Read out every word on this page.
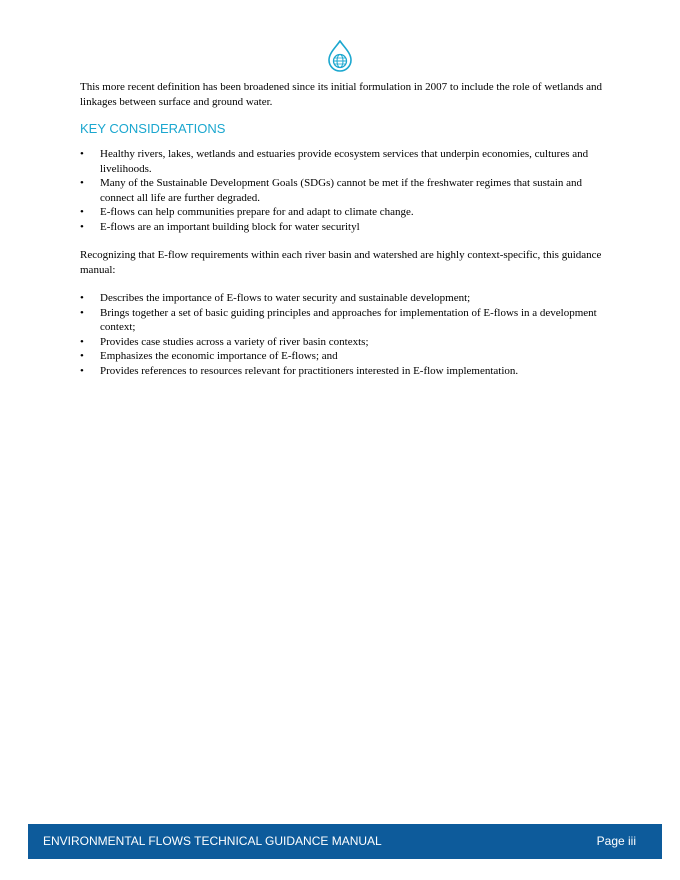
This more recent definition has been broadened since its initial formulation in 2007 to include the role of wetlands and linkages between surface and ground water.

KEY CONSIDERATIONS
• Healthy rivers, lakes, wetlands and estuaries provide ecosystem services that underpin economies, cultures and livelihoods.
• Many of the Sustainable Development Goals (SDGs) cannot be met if the freshwater regimes that sustain and connect all life are further degraded.
• E-flows can help communities prepare for and adapt to climate change.
• E-flows are an important building block for water securityl

Recognizing that E-flow requirements within each river basin and watershed are highly context-specific, this guidance manual:

• Describes the importance of E-flows to water security and sustainable development;
• Brings together a set of basic guiding principles and approaches for implementation of E-flows in a development context;
• Provides case studies across a variety of river basin contexts;
• Emphasizes the economic importance of E-flows; and
• Provides references to resources relevant for practitioners interested in E-flow implementation.
ENVIRONMENTAL FLOWS TECHNICAL GUIDANCE MANUAL	Page iii
